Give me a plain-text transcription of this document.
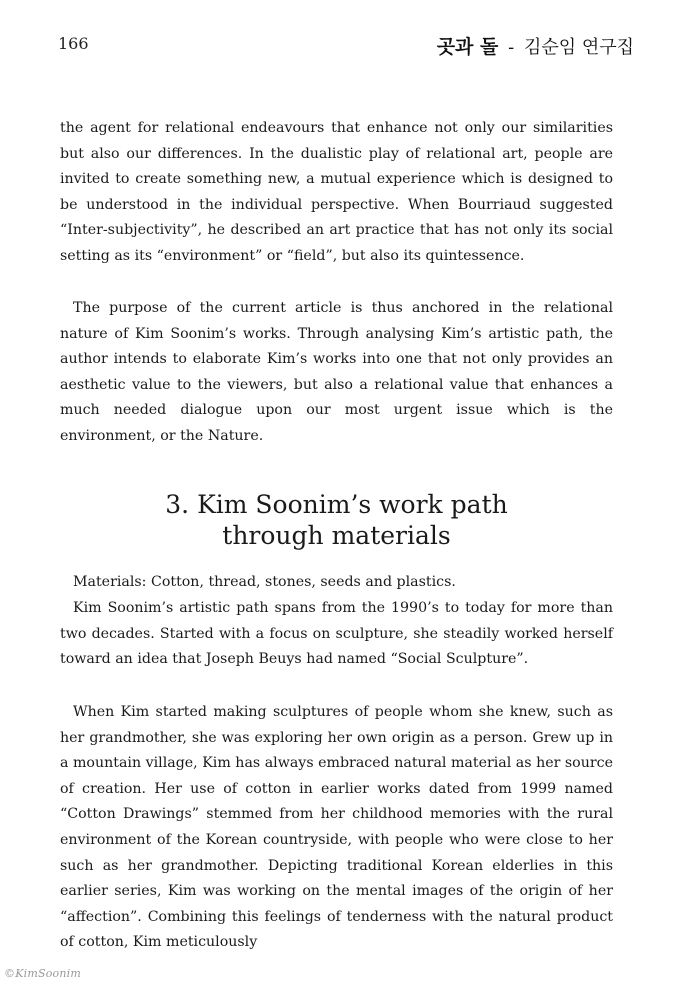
166	곳과 돌 - 김순임 연구집

the agent for relational endeavours that enhance not only our similarities but also our differences. In the dualistic play of relational art, people are invited to create something new, a mutual experience which is designed to be understood in the individual perspective. When Bourriaud suggested “Inter-subjectivity”, he described an art practice that has not only its social setting as its “environment” or “field”, but also its quintessence.

The purpose of the current article is thus anchored in the relational nature of Kim Soonim’s works. Through analysing Kim’s artistic path, the author intends to elaborate Kim’s works into one that not only provides an aesthetic value to the viewers, but also a relational value that enhances a much needed dialogue upon our most urgent issue which is the environment, or the Nature.

3. Kim Soonim’s work path
through materials

Materials: Cotton, thread, stones, seeds and plastics.

Kim Soonim’s artistic path spans from the 1990’s to today for more than two decades. Started with a focus on sculpture, she steadily worked herself toward an idea that Joseph Beuys had named “Social Sculpture”.

When Kim started making sculptures of people whom she knew, such as her grandmother, she was exploring her own origin as a person. Grew up in a mountain village, Kim has always embraced natural material as her source of creation. Her use of cotton in earlier works dated from 1999 named “Cotton Drawings” stemmed from her childhood memories with the rural environment of the Korean countryside, with people who were close to her such as her grandmother. Depicting traditional Korean elderlies in this earlier series, Kim was working on the mental images of the origin of her “affection”. Combining this feelings of tenderness with the natural product of cotton, Kim meticulously

©KimSoonim
